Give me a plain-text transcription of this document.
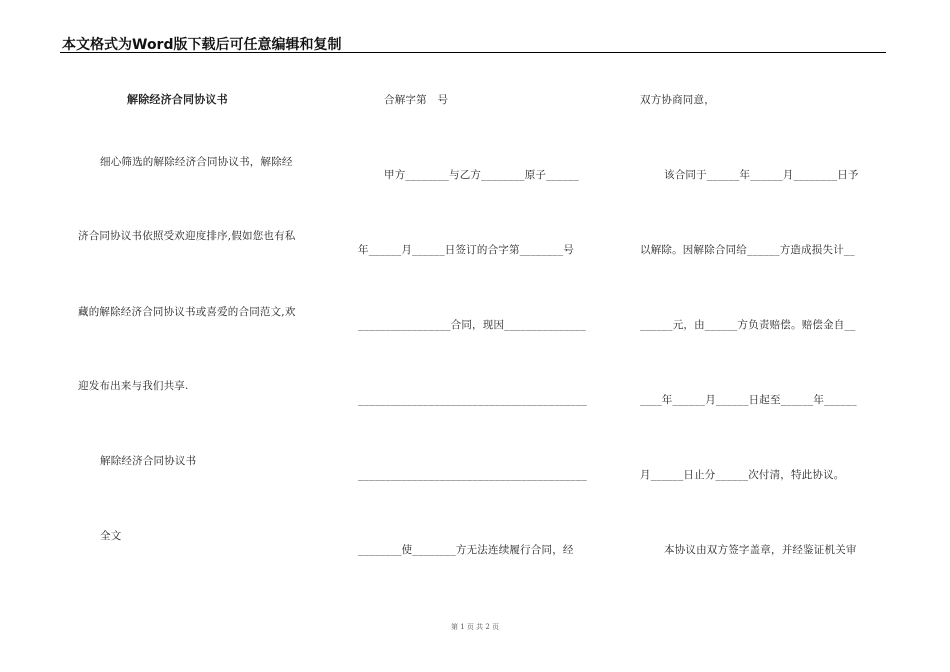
本文格式为Word版下载后可任意编辑和复制
解除经济合同协议书
细心筛选的解除经济合同协议书，解除经
济合同协议书依照受欢迎度排序,假如您也有私
藏的解除经济合同协议书或喜爱的合同范文,欢
迎发布出来与我们共享.
解除经济合同协议书
全文
合解字第　号
甲方________与乙方________原子______
年______月______日签订的合字第________号
_________________合同，现因_______________
__________________________________________
__________________________________________
________使________方无法连续履行合同，经
双方协商同意，
该合同于______年______月________日予
以解除。因解除合同给______方造成损失计__
______元，由______方负责赔偿。赔偿金自__
____年______月______日起至______年______
月______日止分______次付清，特此协议。
本协议由双方签字盖章，并经鉴证机关审
第 1 页 共 2 页
